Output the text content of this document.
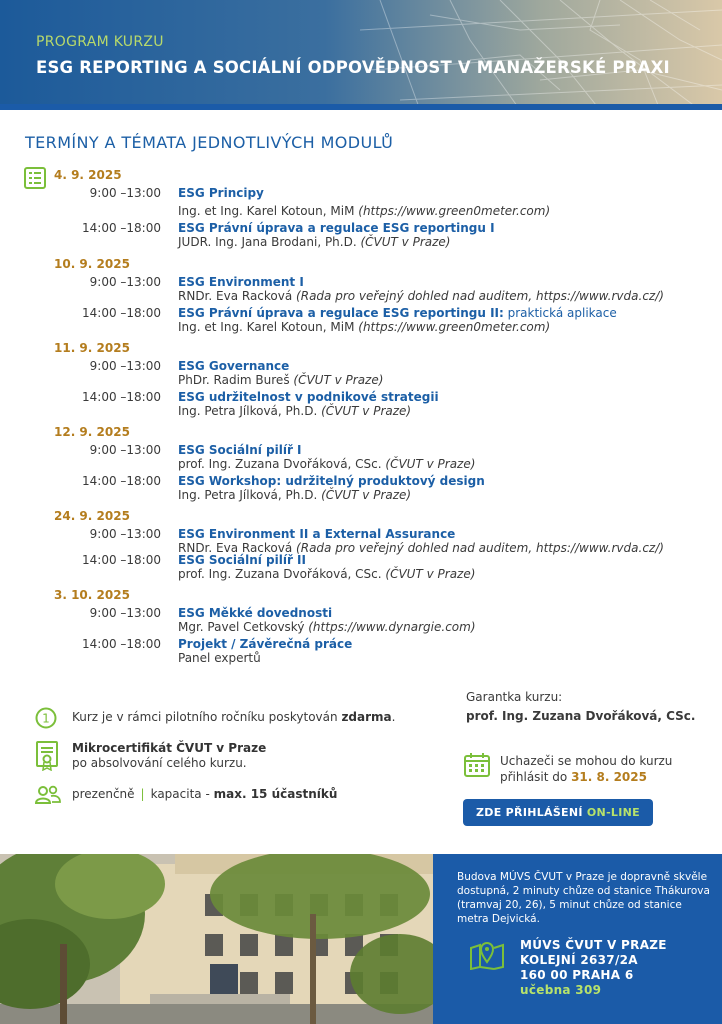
PROGRAM KURZU
ESG REPORTING A SOCIÁLNÍ ODPOVĚDNOST V MANAŽERSKÉ PRAXI
TERMÍNY A TÉMATA JEDNOTLIVÝCH MODULŮ
4. 9. 2025
9:00 –13:00 ESG Principy
Ing. et Ing. Karel Kotoun, MiM (https://www.green0meter.com)
14:00 –18:00 ESG Právní úprava a regulace ESG reportingu I
JUDR. Ing. Jana Brodani, Ph.D. (ČVUT v Praze)
10. 9. 2025
9:00 –13:00 ESG Environment I
RNDr. Eva Racková (Rada pro veřejný dohled nad auditem, https://www.rvda.cz/)
14:00 –18:00 ESG Právní úprava a regulace ESG reportingu II: praktická aplikace
Ing. et Ing. Karel Kotoun, MiM (https://www.green0meter.com)
11. 9. 2025
9:00 –13:00 ESG Governance
PhDr. Radim Bureš (ČVUT v Praze)
14:00 –18:00 ESG udržitelnost v podnikové strategii
Ing. Petra Jílková, Ph.D. (ČVUT v Praze)
12. 9. 2025
9:00 –13:00 ESG Sociální pilíř I
prof. Ing. Zuzana Dvořáková, CSc. (ČVUT v Praze)
14:00 –18:00 ESG Workshop: udržitelný produktový design
Ing. Petra Jílková, Ph.D. (ČVUT v Praze)
24. 9. 2025
9:00 –13:00 ESG Environment II a External Assurance
RNDr. Eva Racková (Rada pro veřejný dohled nad auditem, https://www.rvda.cz/)
14:00 –18:00 ESG Sociální pilíř II
prof. Ing. Zuzana Dvořáková, CSc. (ČVUT v Praze)
3. 10. 2025
9:00 –13:00 ESG Měkké dovednosti
Mgr. Pavel Cetkovský (https://www.dynargie.com)
14:00 –18:00 Projekt / Závěrečná práce
Panel expertů
1 Kurz je v rámci pilotního ročníku poskytován zdarma.
Mikrocertifikát ČVUT v Praze
po absolvování celého kurzu.
prezenčně | kapacita - max. 15 účastníků
Garantka kurzu:
prof. Ing. Zuzana Dvořáková, CSc.
Uchazeči se mohou do kurzu
přihlásit do 31. 8. 2025
ZDE PŘIHLÁŠENÍ ON-LINE
Budova MÚVS ČVUT v Praze je dopravně skvěle dostupná, 2 minuty chůze od stanice Thákurova (tramvaj 20, 26), 5 minut chůze od stanice metra Dejvická.
MÚVS ČVUT V PRAZE
KOLEJNÍ 2637/2A
160 00 PRAHA 6
učebna 309
